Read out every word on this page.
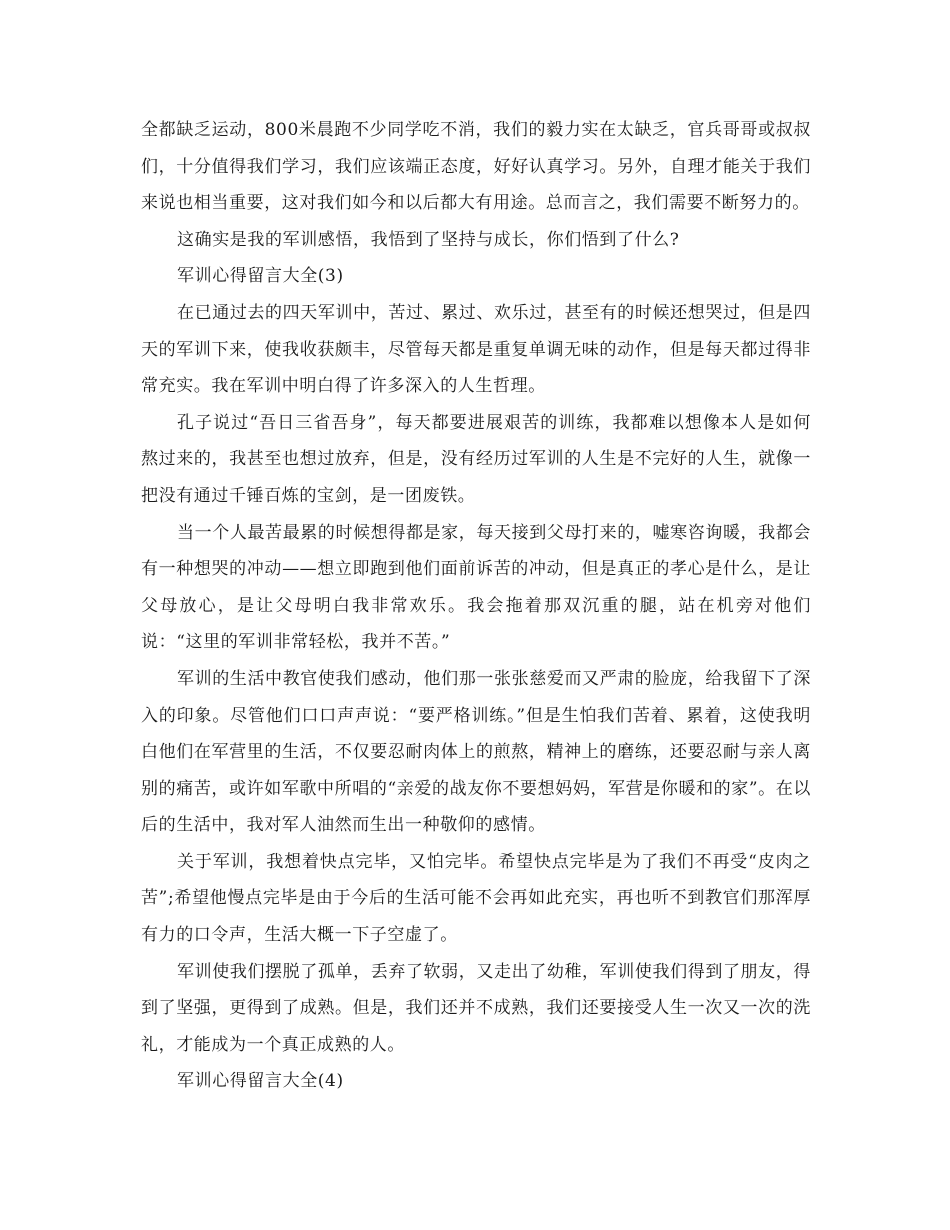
全都缺乏运动，800米晨跑不少同学吃不消，我们的毅力实在太缺乏，官兵哥哥或叔叔们，十分值得我们学习，我们应该端正态度，好好认真学习。另外，自理才能关于我们来说也相当重要，这对我们如今和以后都大有用途。总而言之，我们需要不断努力的。

这确实是我的军训感悟，我悟到了坚持与成长，你们悟到了什么?

军训心得留言大全(3)

在已通过去的四天军训中，苦过、累过、欢乐过，甚至有的时候还想哭过，但是四天的军训下来，使我收获颇丰，尽管每天都是重复单调无味的动作，但是每天都过得非常充实。我在军训中明白得了许多深入的人生哲理。

孔子说过“吾日三省吾身”，每天都要进展艰苦的训练，我都难以想像本人是如何熬过来的，我甚至也想过放弃，但是，没有经历过军训的人生是不完好的人生，就像一把没有通过千锤百炼的宝剑，是一团废铁。

当一个人最苦最累的时候想得都是家，每天接到父母打来的，嘘寒咨询暖，我都会有一种想哭的冲动——想立即跑到他们面前诉苦的冲动，但是真正的孝心是什么，是让父母放心，是让父母明白我非常欢乐。我会拖着那双沉重的腿，站在机旁对他们说：“这里的军训非常轻松，我并不苦。”

军训的生活中教官使我们感动，他们那一张张慈爱而又严肃的脸庞，给我留下了深入的印象。尽管他们口口声声说：“要严格训练。”但是生怕我们苦着、累着，这使我明白他们在军营里的生活，不仅要忍耐肉体上的煎熬，精神上的磨练，还要忍耐与亲人离别的痛苦，或许如军歌中所唱的“亲爱的战友你不要想妈妈，军营是你暖和的家”。在以后的生活中，我对军人油然而生出一种敬仰的感情。

关于军训，我想着快点完毕，又怕完毕。希望快点完毕是为了我们不再受“皮肉之苦”;希望他慢点完毕是由于今后的生活可能不会再如此充实，再也听不到教官们那浑厚有力的口令声，生活大概一下子空虚了。

军训使我们摆脱了孤单，丢弃了软弱，又走出了幼稚，军训使我们得到了朋友，得到了坚强，更得到了成熟。但是，我们还并不成熟，我们还要接受人生一次又一次的洗礼，才能成为一个真正成熟的人。

军训心得留言大全(4)
